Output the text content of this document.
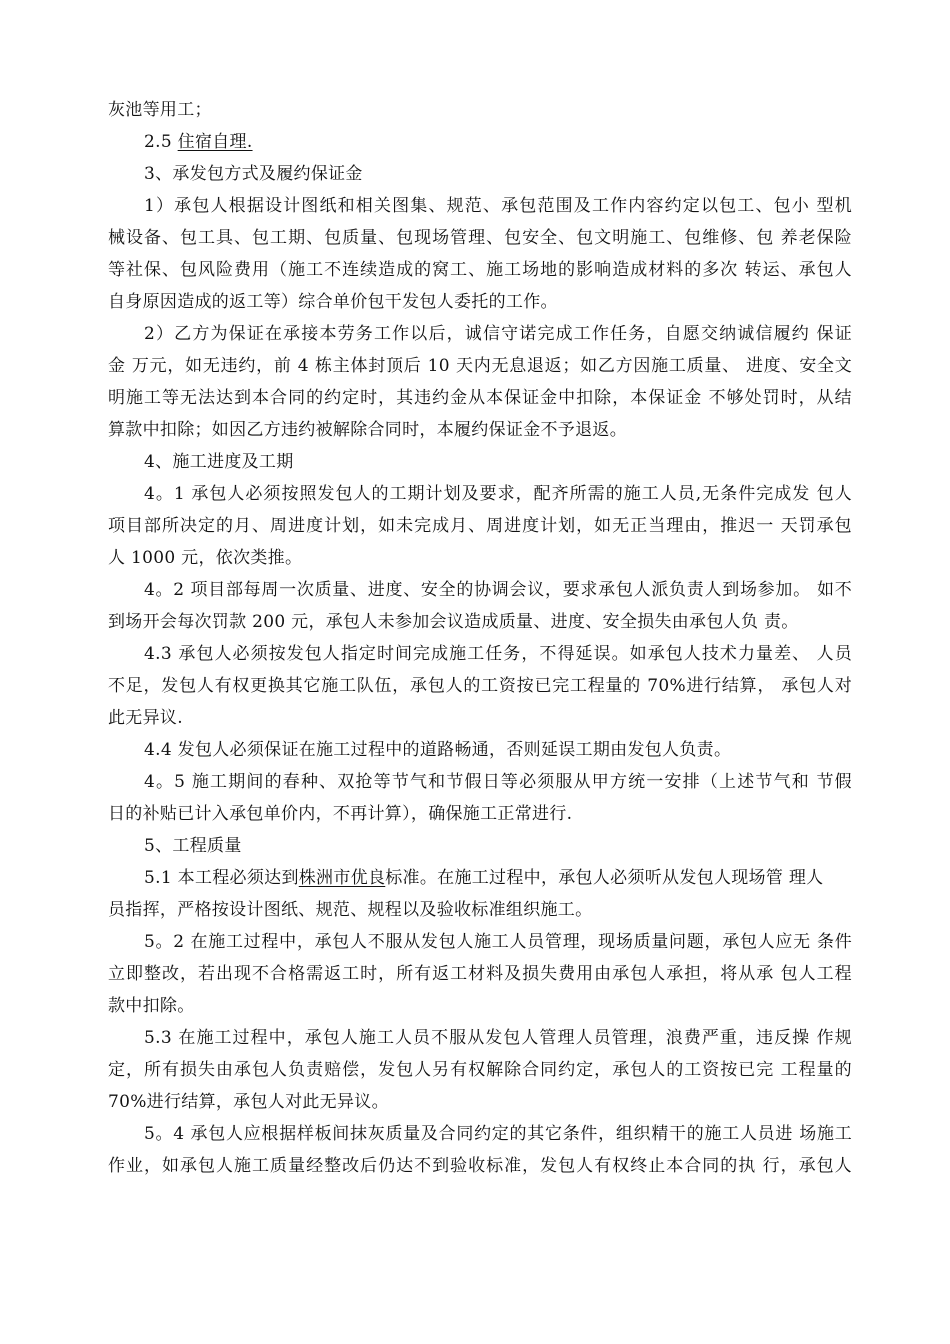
灰池等用工；
2.5 住宿自理.
3、承发包方式及履约保证金
1）承包人根据设计图纸和相关图集、规范、承包范围及工作内容约定以包工、包小 型机
械设备、包工具、包工期、包质量、包现场管理、包安全、包文明施工、包维修、包 养老保险
等社保、包风险费用（施工不连续造成的窝工、施工场地的影响造成材料的多次 转运、承包人
自身原因造成的返工等）综合单价包干发包人委托的工作。
2）乙方为保证在承接本劳务工作以后，诚信守诺完成工作任务，自愿交纳诚信履约 保证
金 万元，如无违约，前 4 栋主体封顶后 10 天内无息退返；如乙方因施工质量、 进度、安全文
明施工等无法达到本合同的约定时，其违约金从本保证金中扣除，本保证金 不够处罚时，从结
算款中扣除；如因乙方违约被解除合同时，本履约保证金不予退返。
4、施工进度及工期
4。1 承包人必须按照发包人的工期计划及要求，配齐所需的施工人员,无条件完成发 包人
项目部所决定的月、周进度计划，如未完成月、周进度计划，如无正当理由，推迟一 天罚承包
人 1000 元，依次类推。
4。2 项目部每周一次质量、进度、安全的协调会议，要求承包人派负责人到场参加。 如不
到场开会每次罚款 200 元，承包人未参加会议造成质量、进度、安全损失由承包人负 责。
4.3 承包人必须按发包人指定时间完成施工任务，不得延误。如承包人技术力量差、 人员
不足，发包人有权更换其它施工队伍，承包人的工资按已完工程量的 70%进行结算， 承包人对
此无异议.
4.4 发包人必须保证在施工过程中的道路畅通，否则延误工期由发包人负责。
4。5 施工期间的春种、双抢等节气和节假日等必须服从甲方统一安排（上述节气和 节假
日的补贴已计入承包单价内，不再计算），确保施工正常进行.
5、工程质量
5.1 本工程必须达到株洲市优良标准。在施工过程中，承包人必须听从发包人现场管 理人
员指挥，严格按设计图纸、规范、规程以及验收标准组织施工。
5。2 在施工过程中，承包人不服从发包人施工人员管理，现场质量问题，承包人应无 条件
立即整改，若出现不合格需返工时，所有返工材料及损失费用由承包人承担，将从承 包人工程
款中扣除。
5.3 在施工过程中，承包人施工人员不服从发包人管理人员管理，浪费严重，违反操 作规
定，所有损失由承包人负责赔偿，发包人另有权解除合同约定，承包人的工资按已完 工程量的
70%进行结算，承包人对此无异议。
5。4 承包人应根据样板间抹灰质量及合同约定的其它条件，组织精干的施工人员进 场施工
作业，如承包人施工质量经整改后仍达不到验收标准，发包人有权终止本合同的执 行，承包人
